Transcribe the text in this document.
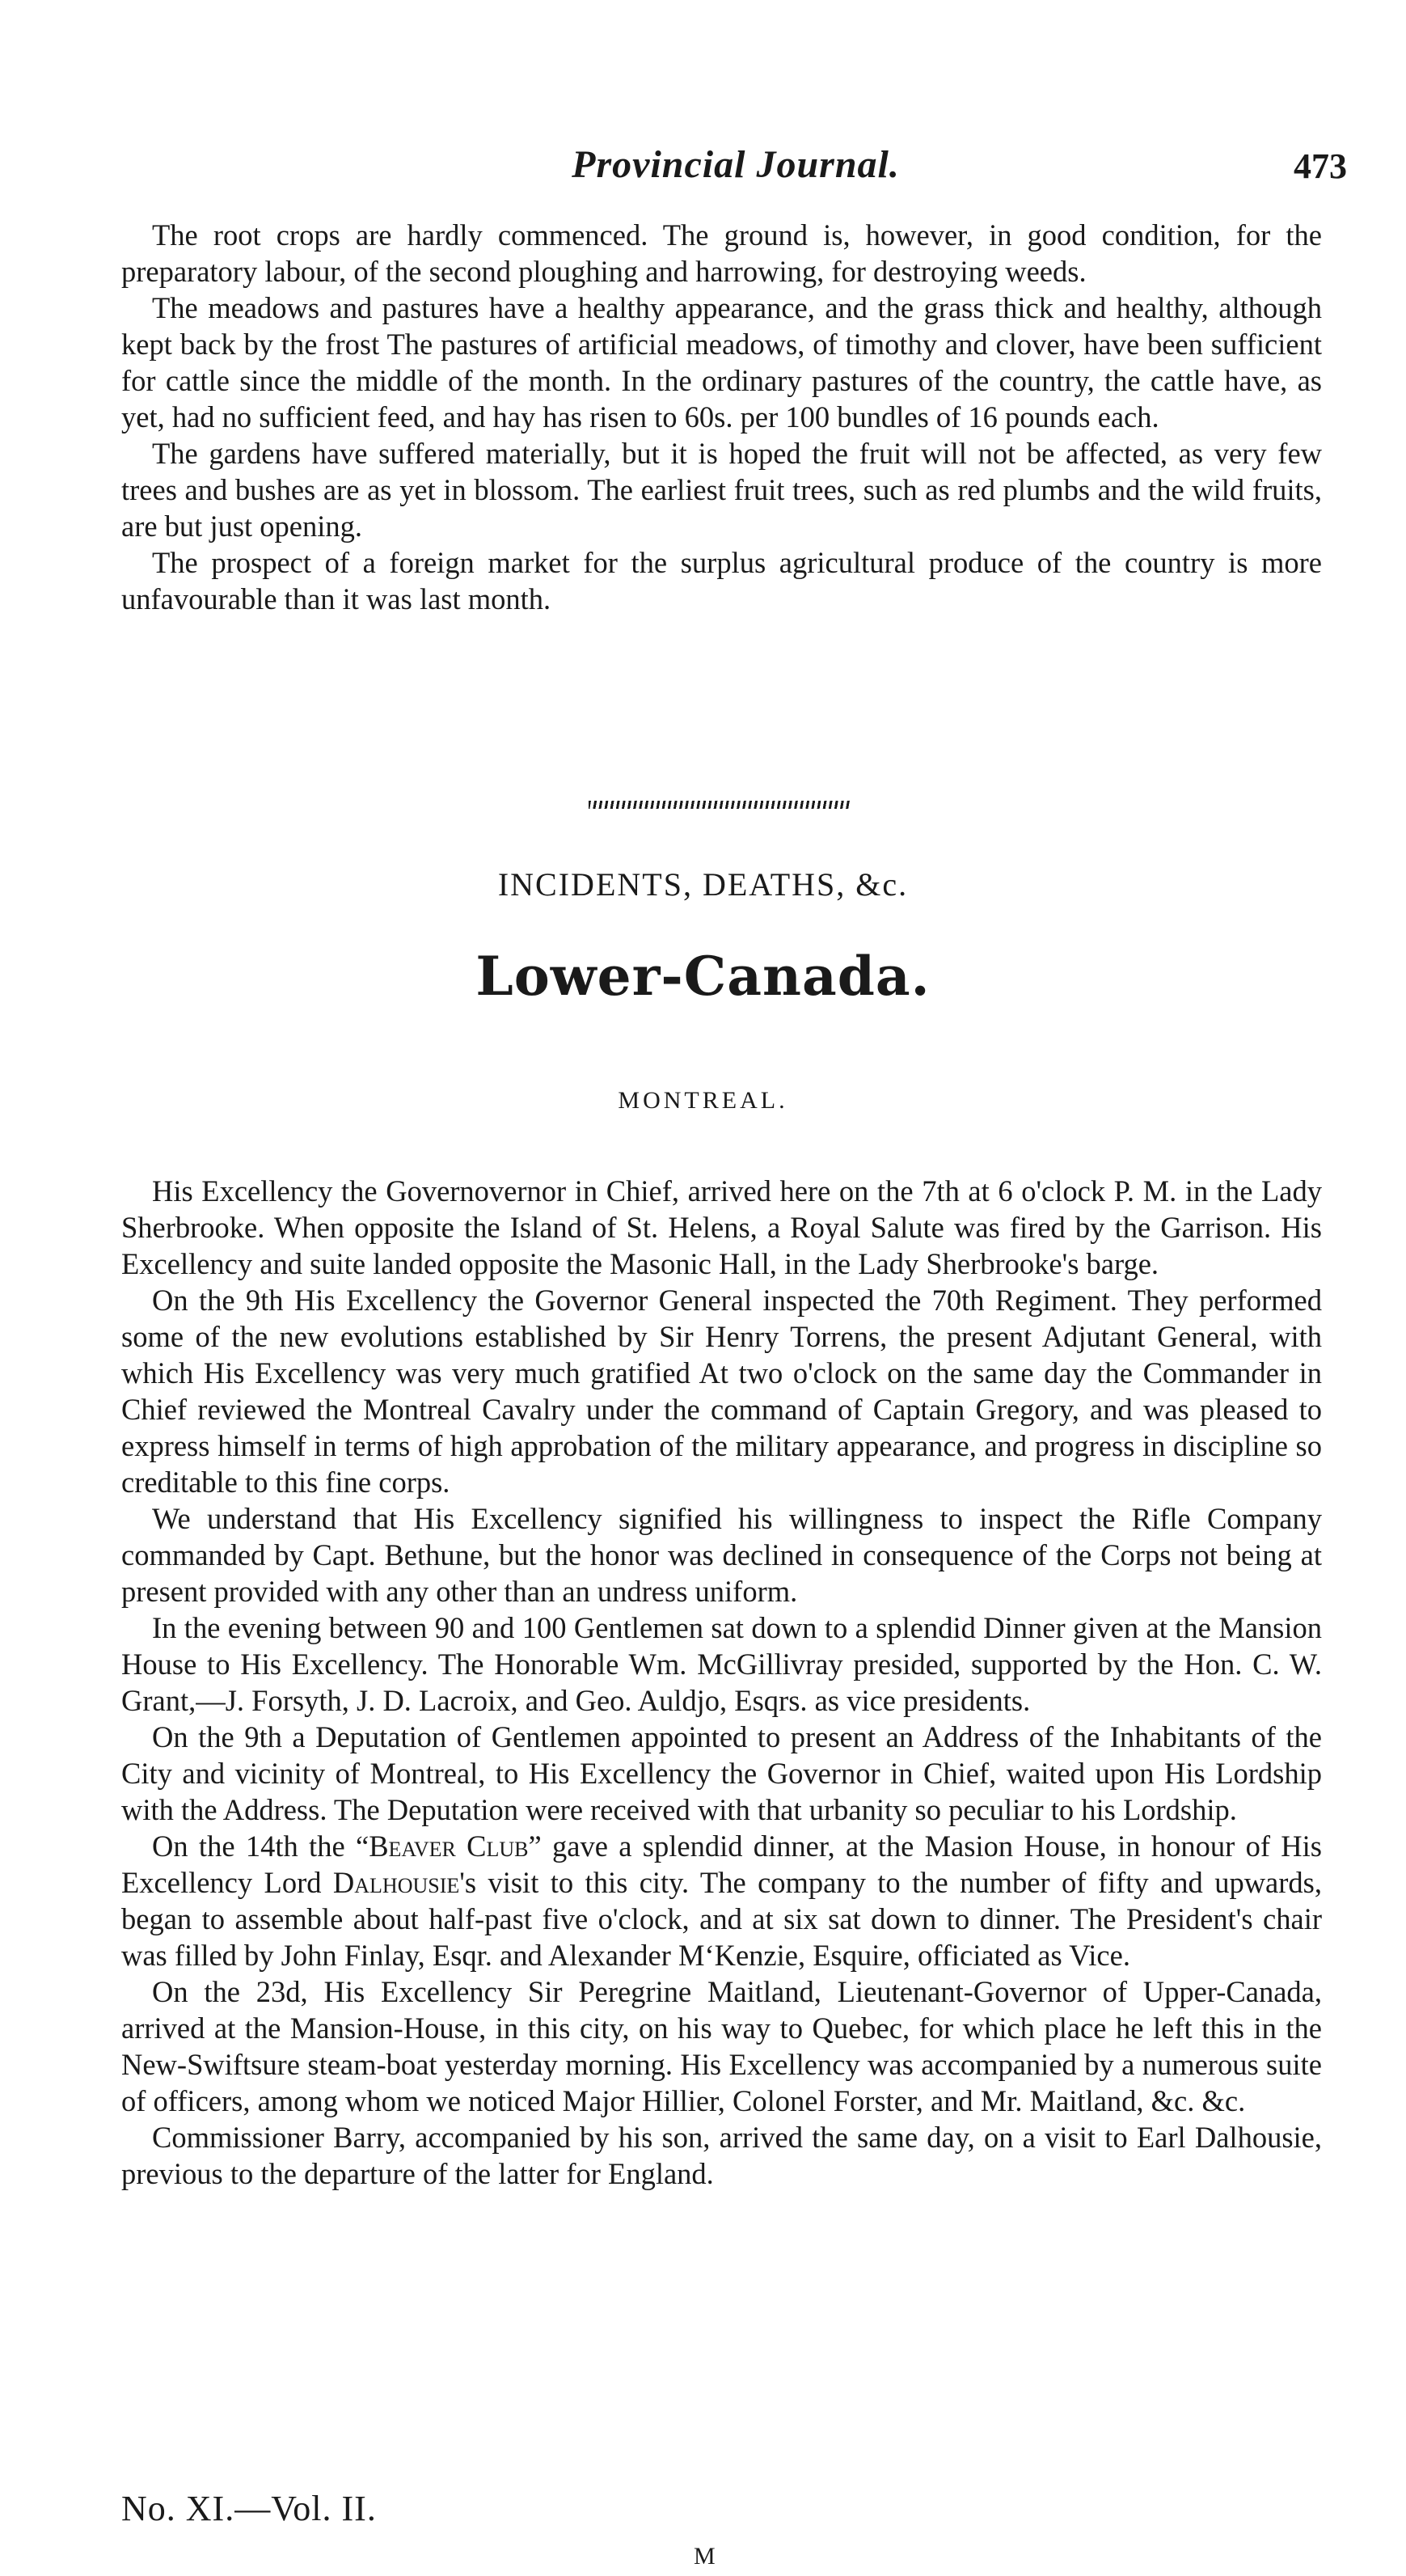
Provincial Journal.	473

The root crops are hardly commenced. The ground is, however, in good condition, for the preparatory labour, of the second ploughing and harrowing, for destroying weeds.

The meadows and pastures have a healthy appearance, and the grass thick and healthy, although kept back by the frost The pastures of artificial meadows, of timothy and clover, have been sufficient for cattle since the middle of the month. In the ordinary pastures of the country, the cattle have, as yet, had no sufficient feed, and hay has risen to 60s. per 100 bundles of 16 pounds each.

The gardens have suffered materially, but it is hoped the fruit will not be affected, as very few trees and bushes are as yet in blossom. The earliest fruit trees, such as red plumbs and the wild fruits, are but just opening.

The prospect of a foreign market for the surplus agricultural produce of the country is more unfavourable than it was last month.

INCIDENTS, DEATHS, &c.
Lower-Canada.
MONTREAL.

His Excellency the Governovernor in Chief, arrived here on the 7th at 6 o'clock P. M. in the Lady Sherbrooke. When opposite the Island of St. Helens, a Royal Salute was fired by the Garrison. His Excellency and suite landed opposite the Masonic Hall, in the Lady Sherbrooke's barge.

On the 9th His Excellency the Governor General inspected the 70th Regiment. They performed some of the new evolutions established by Sir Henry Torrens, the present Adjutant General, with which His Excellency was very much gratified At two o'clock on the same day the Commander in Chief reviewed the Montreal Cavalry under the command of Captain Gregory, and was pleased to express himself in terms of high approbation of the military appearance, and progress in discipline so creditable to this fine corps.

We understand that His Excellency signified his willingness to inspect the Rifle Company commanded by Capt. Bethune, but the honor was declined in consequence of the Corps not being at present provided with any other than an undress uniform.

In the evening between 90 and 100 Gentlemen sat down to a splendid Dinner given at the Mansion House to His Excellency. The Honorable Wm. McGillivray presided, supported by the Hon. C. W. Grant,—J. Forsyth, J. D. Lacroix, and Geo. Auldjo, Esqrs. as vice presidents.

On the 9th a Deputation of Gentlemen appointed to present an Address of the Inhabitants of the City and vicinity of Montreal, to His Excellency the Governor in Chief, waited upon His Lordship with the Address. The Deputation were received with that urbanity so peculiar to his Lordship.

On the 14th the “Beaver Club” gave a splendid dinner, at the Masion House, in honour of His Excellency Lord Dalhousie's visit to this city. The company to the number of fifty and upwards, began to assemble about half-past five o'clock, and at six sat down to dinner. The President's chair was filled by John Finlay, Esqr. and Alexander M‘Kenzie, Esquire, officiated as Vice.

On the 23d, His Excellency Sir Peregrine Maitland, Lieutenant-Governor of Upper-Canada, arrived at the Mansion-House, in this city, on his way to Quebec, for which place he left this in the New-Swiftsure steam-boat yesterday morning. His Excellency was accompanied by a numerous suite of officers, among whom we noticed Major Hillier, Colonel Forster, and Mr. Maitland, &c. &c.

Commissioner Barry, accompanied by his son, arrived the same day, on a visit to Earl Dalhousie, previous to the departure of the latter for England.

No. XI.—Vol. II.
M
